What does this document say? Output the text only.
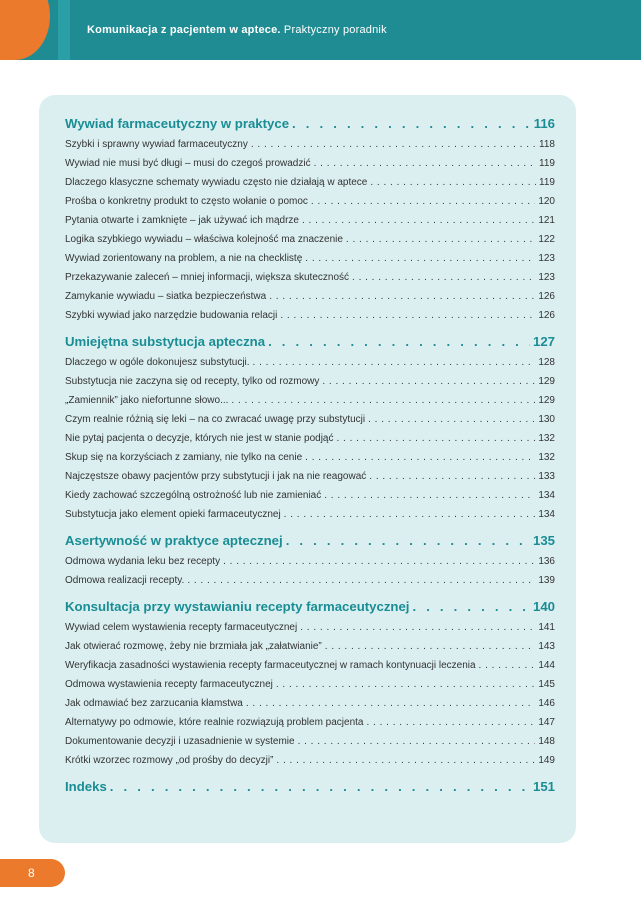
Komunikacja z pacjentem w aptece. Praktyczny poradnik
Wywiad farmaceutyczny w praktyce . . .	116
Szybki i sprawny wywiad farmaceutyczny . . .	118
Wywiad nie musi być długi – musi do czegoś prowadzić . . .	119
Dlaczego klasyczne schematy wywiadu często nie działają w aptece . . .	119
Prośba o konkretny produkt to często wołanie o pomoc . . .	120
Pytania otwarte i zamknięte – jak używać ich mądrze . . .	121
Logika szybkiego wywiadu – właściwa kolejność ma znaczenie . . .	122
Wywiad zorientowany na problem, a nie na checklistę . . .	123
Przekazywanie zaleceń – mniej informacji, większa skuteczność . . .	123
Zamykanie wywiadu – siatka bezpieczeństwa . . .	126
Szybki wywiad jako narzędzie budowania relacji . . .	126
Umiejętna substytucja apteczna . . .	127
Dlaczego w ogóle dokonujesz substytucji. . . .	128
Substytucja nie zaczyna się od recepty, tylko od rozmowy . . .	129
„Zamiennik” jako niefortunne słowo... . . .	129
Czym realnie różnią się leki – na co zwracać uwagę przy substytucji . . .	130
Nie pytaj pacjenta o decyzje, których nie jest w stanie podjąć . . .	132
Skup się na korzyściach z zamiany, nie tylko na cenie . . .	132
Najczęstsze obawy pacjentów przy substytucji i jak na nie reagować . . .	133
Kiedy zachować szczególną ostrożność lub nie zamieniać . . .	134
Substytucja jako element opieki farmaceutycznej . . .	134
Asertywność w praktyce aptecznej . . .	135
Odmowa wydania leku bez recepty . . .	136
Odmowa realizacji recepty. . . .	139
Konsultacja przy wystawianiu recepty farmaceutycznej . . .	140
Wywiad celem wystawienia recepty farmaceutycznej . . .	141
Jak otwierać rozmowę, żeby nie brzmiała jak „załatwianie” . . .	143
Weryfikacja zasadności wystawienia recepty farmaceutycznej w ramach kontynuacji leczenia . . .	144
Odmowa wystawienia recepty farmaceutycznej . . .	145
Jak odmawiać bez zarzucania kłamstwa . . .	146
Alternatywy po odmowie, które realnie rozwiązują problem pacjenta . . .	147
Dokumentowanie decyzji i uzasadnienie w systemie . . .	148
Krótki wzorzec rozmowy „od prośby do decyzji” . . .	149
Indeks . . .	151
8
